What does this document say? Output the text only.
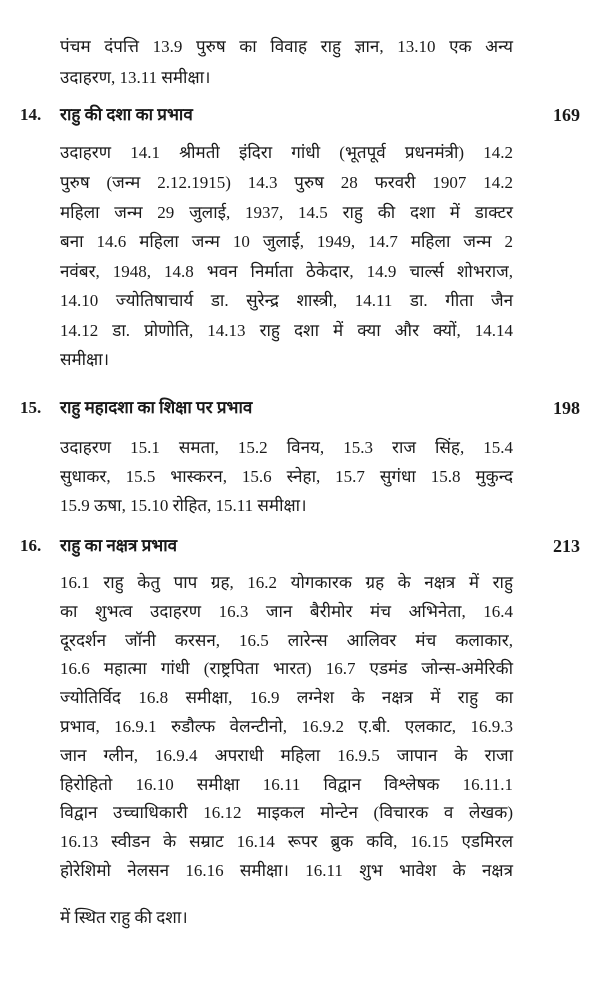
पंचम दंपत्ति 13.9 पुरुष का विवाह राहु ज्ञान, 13.10 एक अन्य
उदाहरण, 13.11 समीक्षा।
14. राहु की दशा का प्रभाव	169
उदाहरण 14.1 श्रीमती इंदिरा गांधी (भूतपूर्व प्रधनमंत्री) 14.2
पुरुष (जन्म 2.12.1915) 14.3 पुरुष 28 फरवरी 1907 14.2
महिला जन्म 29 जुलाई, 1937, 14.5 राहु की दशा में डाक्टर
बना 14.6 महिला जन्म 10 जुलाई, 1949, 14.7 महिला जन्म 2
नवंबर, 1948, 14.8 भवन निर्माता ठेकेदार, 14.9 चार्ल्स शोभराज,
14.10 ज्योतिषाचार्य डा. सुरेन्द्र शास्त्री, 14.11 डा. गीता जैन
14.12 डा. प्रोणोति, 14.13 राहु दशा में क्या और क्यों, 14.14
समीक्षा।
15. राहु महादशा का शिक्षा पर प्रभाव	198
उदाहरण 15.1 समता, 15.2 विनय, 15.3 राज सिंह, 15.4
सुधाकर, 15.5 भास्करन, 15.6 स्नेहा, 15.7 सुगंधा 15.8 मुकुन्द
15.9 ऊषा, 15.10 रोहित, 15.11 समीक्षा।
16. राहु का नक्षत्र प्रभाव	213
16.1 राहु केतु पाप ग्रह, 16.2 योगकारक ग्रह के नक्षत्र में राहु
का शुभत्व उदाहरण 16.3 जान बैरीमोर मंच अभिनेता, 16.4
दूरदर्शन जॉनी करसन, 16.5 लारेन्स आलिवर मंच कलाकार,
16.6 महात्मा गांधी (राष्ट्रपिता भारत) 16.7 एडमंड जोन्स-अमेरिकी
ज्योतिर्विद 16.8 समीक्षा, 16.9 लग्नेश के नक्षत्र में राहु का
प्रभाव, 16.9.1 रुडौल्फ वेलन्टीनो, 16.9.2 ए.बी. एलकाट, 16.9.3
जान ग्लीन, 16.9.4 अपराधी महिला 16.9.5 जापान के राजा
हिरोहितो 16.10 समीक्षा 16.11 विद्वान विश्लेषक 16.11.1
विद्वान उच्चाधिकारी 16.12 माइकल मोन्टेन (विचारक व लेखक)
16.13 स्वीडन के सम्राट 16.14 रूपर ब्रुक कवि, 16.15 एडमिरल
होरेशिमो नेलसन 16.16 समीक्षा। 16.11 शुभ भावेश के नक्षत्र
में स्थित राहु की दशा।
